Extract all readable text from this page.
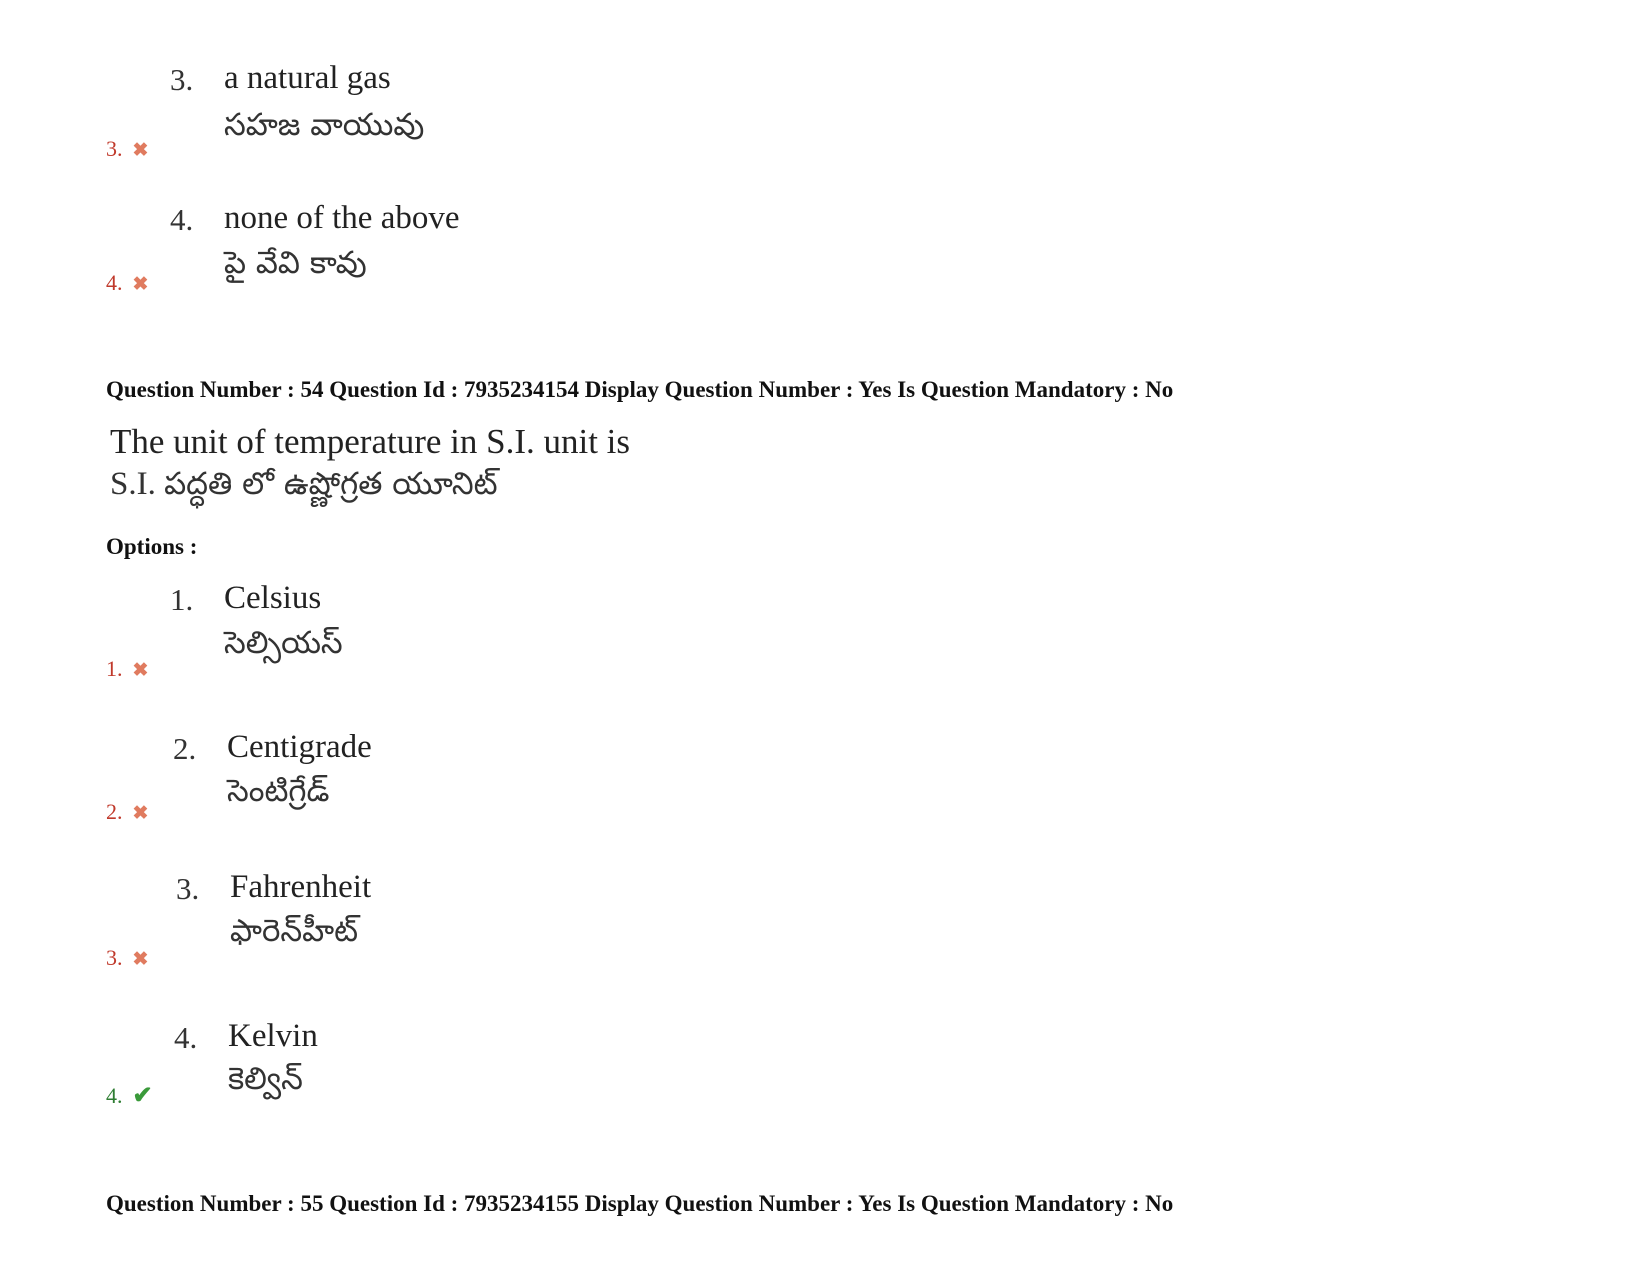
3. a natural gas
సహజ వాయువు
3. ✖
4. none of the above
పై వేవి కావు
4. ✖
Question Number : 54 Question Id : 7935234154 Display Question Number : Yes Is Question Mandatory : No
The unit of temperature in S.I. unit is
S.I. పద్ధతి లో ఉష్ణోగ్రత యూనిట్
Options :
1. Celsius
సెల్సియస్
1. ✖
2. Centigrade
సెంటిగ్రేడ్
2. ✖
3. Fahrenheit
ఫారెన్‌హీట్
3. ✖
4. Kelvin
కెల్విన్
4. ✔
Question Number : 55 Question Id : 7935234155 Display Question Number : Yes Is Question Mandatory : No
